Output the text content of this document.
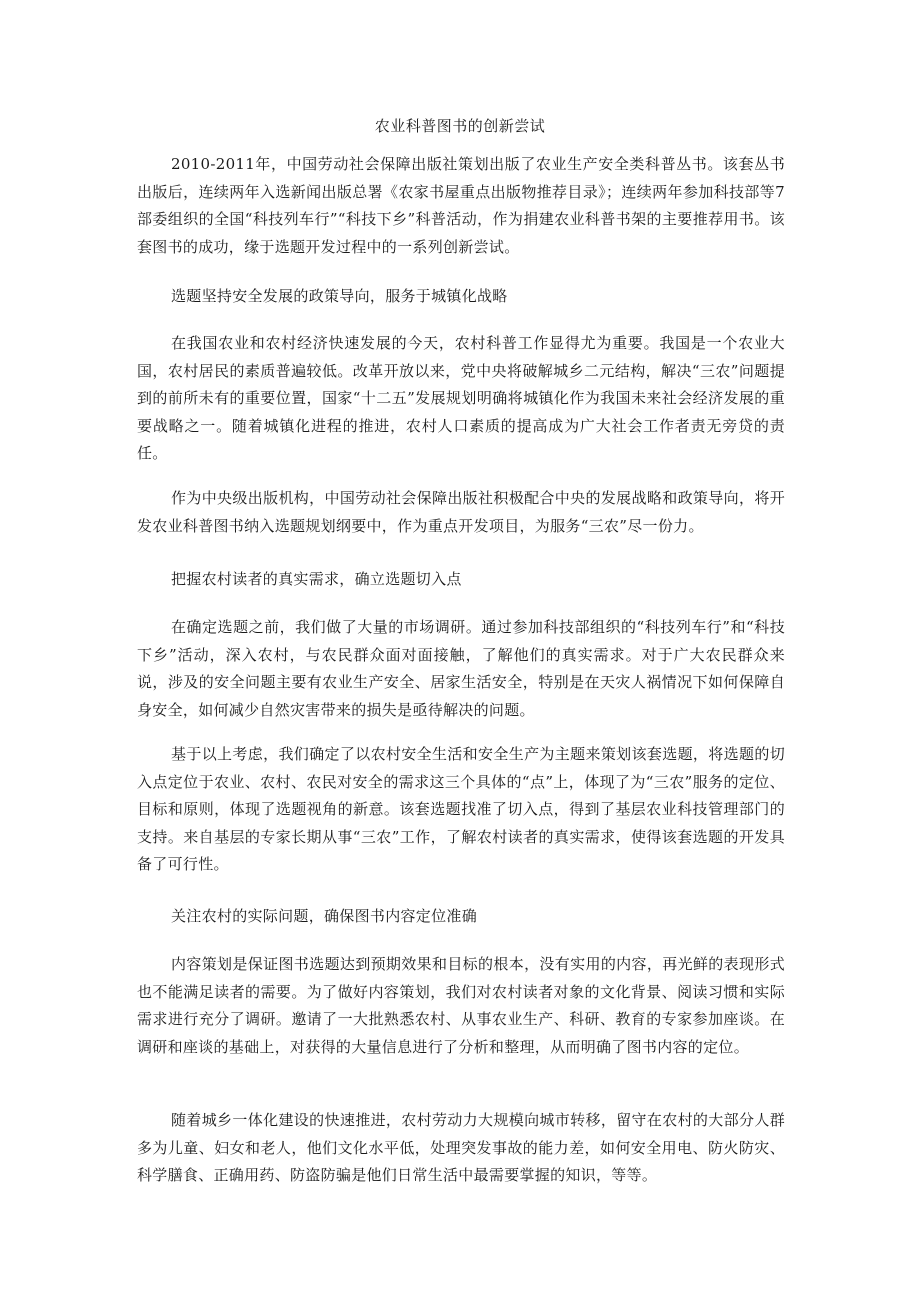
农业科普图书的创新尝试

2010-2011年，中国劳动社会保障出版社策划出版了农业生产安全类科普丛书。该套丛书出版后，连续两年入选新闻出版总署《农家书屋重点出版物推荐目录》；连续两年参加科技部等7部委组织的全国“科技列车行”“科技下乡”科普活动，作为捐建农业科普书架的主要推荐用书。该套图书的成功，缘于选题开发过程中的一系列创新尝试。

选题坚持安全发展的政策导向，服务于城镇化战略

在我国农业和农村经济快速发展的今天，农村科普工作显得尤为重要。我国是一个农业大国，农村居民的素质普遍较低。改革开放以来，党中央将破解城乡二元结构，解决“三农”问题提到的前所未有的重要位置，国家“十二五”发展规划明确将城镇化作为我国未来社会经济发展的重要战略之一。随着城镇化进程的推进，农村人口素质的提高成为广大社会工作者责无旁贷的责任。

作为中央级出版机构，中国劳动社会保障出版社积极配合中央的发展战略和政策导向，将开发农业科普图书纳入选题规划纲要中，作为重点开发项目，为服务“三农”尽一份力。

把握农村读者的真实需求，确立选题切入点

在确定选题之前，我们做了大量的市场调研。通过参加科技部组织的“科技列车行”和“科技下乡”活动，深入农村，与农民群众面对面接触，了解他们的真实需求。对于广大农民群众来说，涉及的安全问题主要有农业生产安全、居家生活安全，特别是在天灾人祸情况下如何保障自身安全，如何减少自然灾害带来的损失是亟待解决的问题。

基于以上考虑，我们确定了以农村安全生活和安全生产为主题来策划该套选题，将选题的切入点定位于农业、农村、农民对安全的需求这三个具体的“点”上，体现了为“三农”服务的定位、目标和原则，体现了选题视角的新意。该套选题找准了切入点，得到了基层农业科技管理部门的支持。来自基层的专家长期从事“三农”工作，了解农村读者的真实需求，使得该套选题的开发具备了可行性。

关注农村的实际问题，确保图书内容定位准确

内容策划是保证图书选题达到预期效果和目标的根本，没有实用的内容，再光鲜的表现形式也不能满足读者的需要。为了做好内容策划，我们对农村读者对象的文化背景、阅读习惯和实际需求进行充分了调研。邀请了一大批熟悉农村、从事农业生产、科研、教育的专家参加座谈。在调研和座谈的基础上，对获得的大量信息进行了分析和整理，从而明确了图书内容的定位。

随着城乡一体化建设的快速推进，农村劳动力大规模向城市转移，留守在农村的大部分人群多为儿童、妇女和老人，他们文化水平低，处理突发事故的能力差，如何安全用电、防火防灾、科学膳食、正确用药、防盗防骗是他们日常生活中最需要掌握的知识，等等。
